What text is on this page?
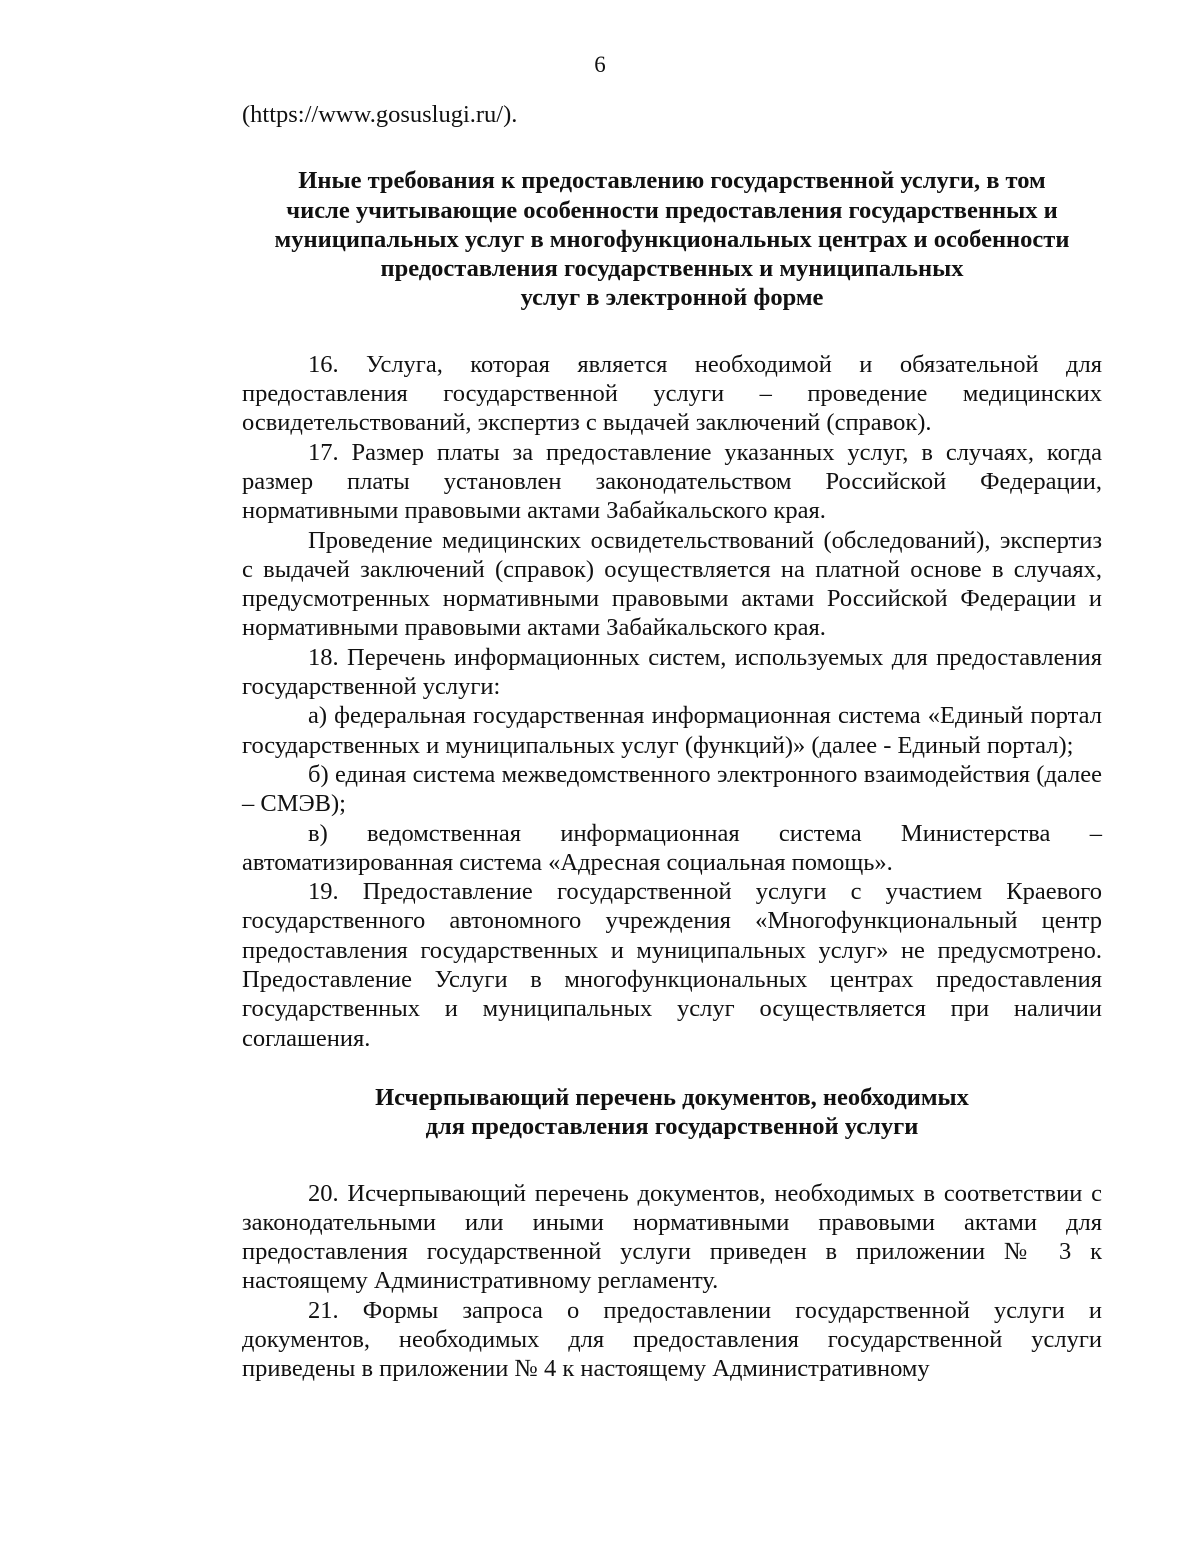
6

(https://www.gosuslugi.ru/).

Иные требования к предоставлению государственной услуги, в том
числе учитывающие особенности предоставления государственных и
муниципальных услуг в многофункциональных центрах и особенности
предоставления государственных и муниципальных
услуг в электронной форме

16. Услуга, которая является необходимой и обязательной для предоставления государственной услуги – проведение медицинских освидетельствований, экспертиз с выдачей заключений (справок).

17. Размер платы за предоставление указанных услуг, в случаях, когда размер платы установлен законодательством Российской Федерации, нормативными правовыми актами Забайкальского края.

Проведение медицинских освидетельствований (обследований), экспертиз с выдачей заключений (справок) осуществляется на платной основе в случаях, предусмотренных нормативными правовыми актами Российской Федерации и нормативными правовыми актами Забайкальского края.

18. Перечень информационных систем, используемых для предоставления государственной услуги:

а) федеральная государственная информационная система «Единый портал государственных и муниципальных услуг (функций)» (далее - Единый портал);

б) единая система межведомственного электронного взаимодействия (далее – СМЭВ);

в) ведомственная информационная система Министерства – автоматизированная система «Адресная социальная помощь».

19. Предоставление государственной услуги с участием Краевого государственного автономного учреждения «Многофункциональный центр предоставления государственных и муниципальных услуг» не предусмотрено. Предоставление Услуги в многофункциональных центрах предоставления государственных и муниципальных услуг осуществляется при наличии соглашения.

Исчерпывающий перечень документов, необходимых
для предоставления государственной услуги

20. Исчерпывающий перечень документов, необходимых в соответствии с законодательными или иными нормативными правовыми актами для предоставления государственной услуги приведен в приложении № 3 к настоящему Административному регламенту.

21. Формы запроса о предоставлении государственной услуги и документов, необходимых для предоставления государственной услуги приведены в приложении № 4 к настоящему Административному
